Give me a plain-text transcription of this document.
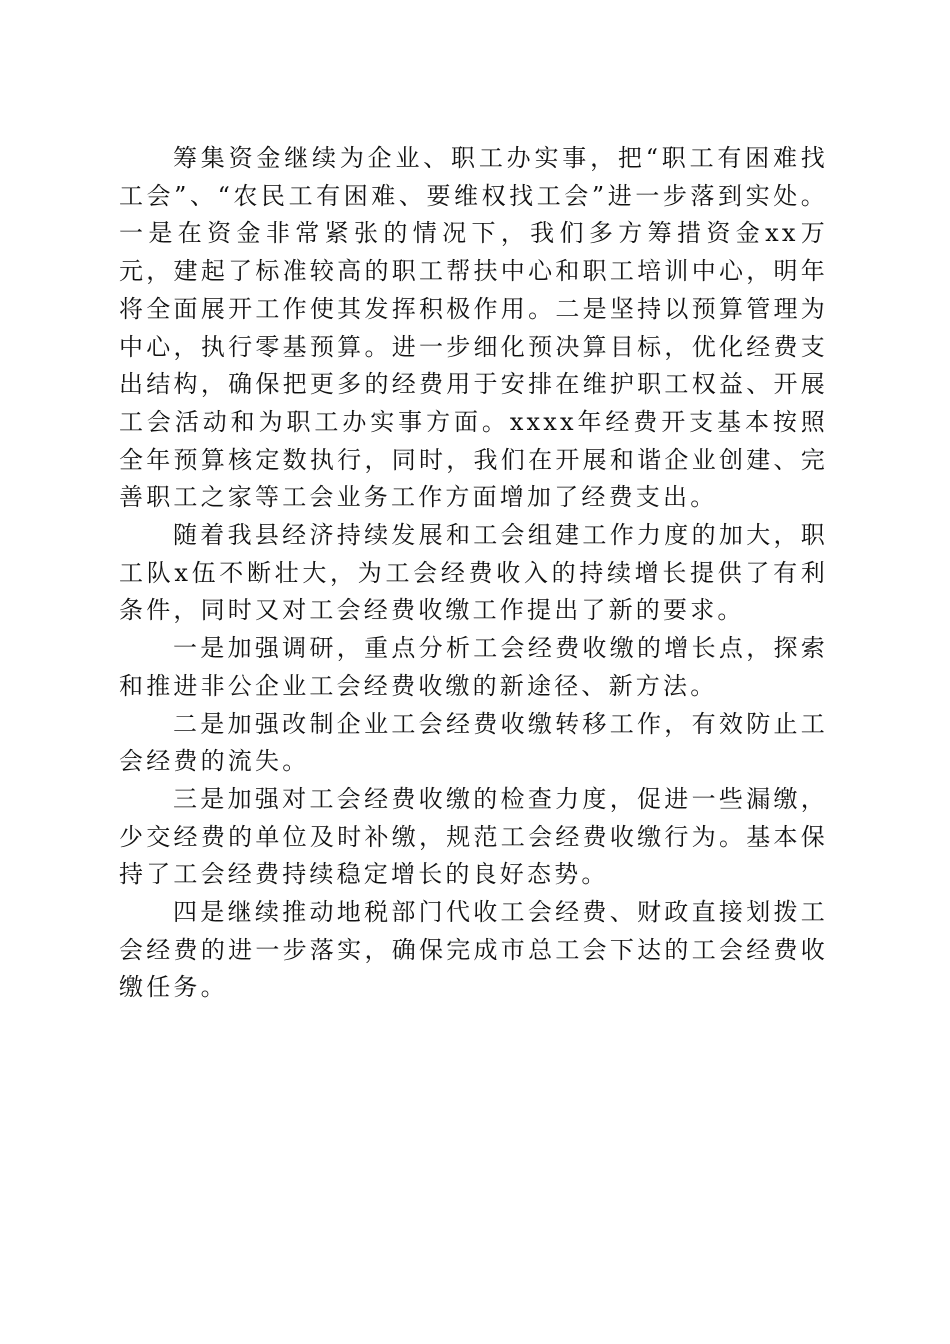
筹集资金继续为企业、职工办实事，把“职工有困难找工会”、“农民工有困难、要维权找工会”进一步落到实处。一是在资金非常紧张的情况下，我们多方筹措资金xx万元，建起了标准较高的职工帮扶中心和职工培训中心，明年将全面展开工作使其发挥积极作用。二是坚持以预算管理为中心，执行零基预算。进一步细化预决算目标，优化经费支出结构，确保把更多的经费用于安排在维护职工权益、开展工会活动和为职工办实事方面。xxxx年经费开支基本按照全年预算核定数执行，同时，我们在开展和谐企业创建、完善职工之家等工会业务工作方面增加了经费支出。

随着我县经济持续发展和工会组建工作力度的加大，职工队x伍不断壮大，为工会经费收入的持续增长提供了有利条件，同时又对工会经费收缴工作提出了新的要求。

一是加强调研，重点分析工会经费收缴的增长点，探索和推进非公企业工会经费收缴的新途径、新方法。

二是加强改制企业工会经费收缴转移工作，有效防止工会经费的流失。

三是加强对工会经费收缴的检查力度，促进一些漏缴，少交经费的单位及时补缴，规范工会经费收缴行为。基本保持了工会经费持续稳定增长的良好态势。

四是继续推动地税部门代收工会经费、财政直接划拨工会经费的进一步落实，确保完成市总工会下达的工会经费收缴任务。
